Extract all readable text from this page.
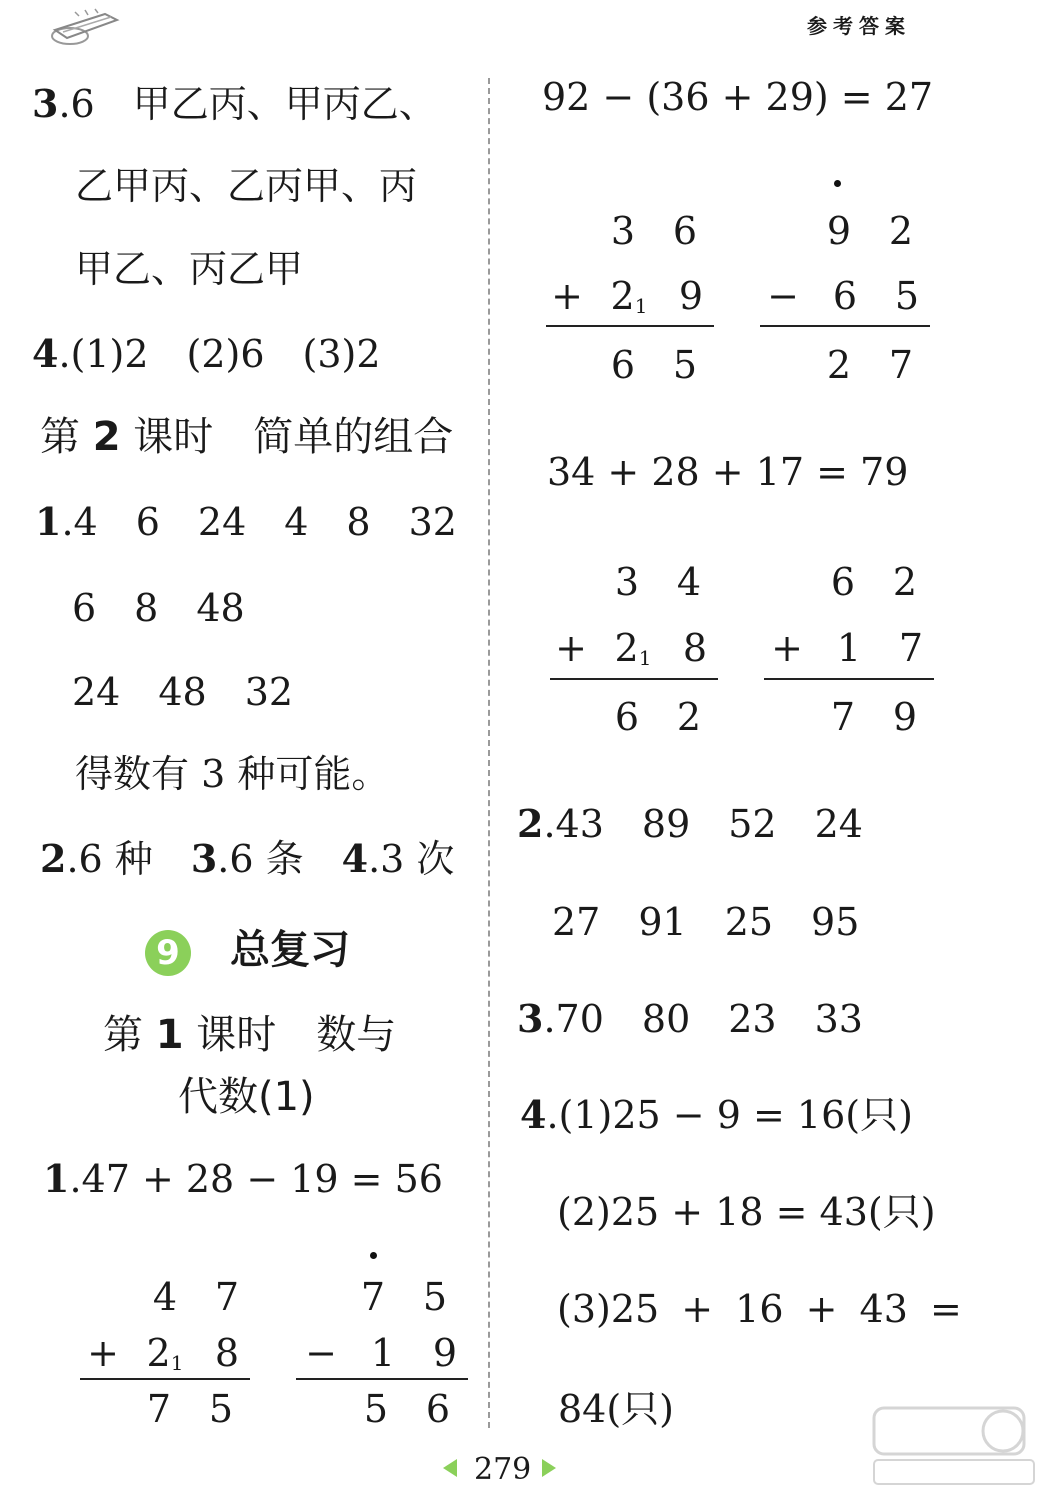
参考答案
3.6　甲乙丙、甲丙乙、
乙甲丙、乙丙甲、丙
甲乙、丙乙甲
4.(1)2　(2)6　(3)2
第 2 课时　简单的组合
1.4　6　24　4　8　32
6　8　48
24　48　32
得数有 3 种可能。
2.6 种　 3.6 条　 4.3 次
9 总复习
第 1 课时　数与
代数(1)
1.47 + 28 − 19 = 56
4 7
+ $2_1$ 8
7 5
7 5
− 1 9
5 6
92 − (36 + 29) = 27
3 6
+ $2_1$ 9
6 5
9 2
− 6 5
2 7
34 + 28 + 17 = 79
3 4
+ $2_1$ 8
6 2
6 2
+ 1 7
7 9
2.43　89　52　24
27　91　25　95
3.70　80　23　33
4.(1)25 − 9 = 16(只)
(2)25 + 18 = 43(只)
(3)25 + 16 + 43 =
84(只)
279
